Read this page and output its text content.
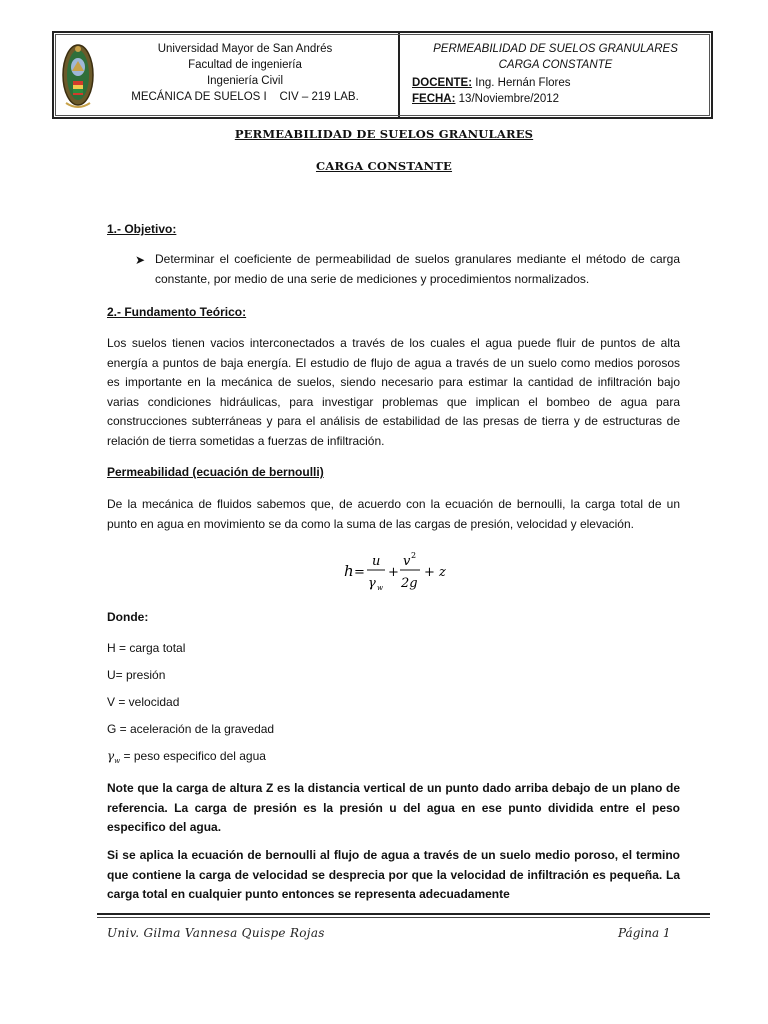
Universidad Mayor de San Andrés
Facultad de ingeniería
Ingeniería Civil
MECÁNICA DE SUELOS I    CIV – 219 LAB.
PERMEABILIDAD DE SUELOS GRANULARES
CARGA CONSTANTE
DOCENTE: Ing. Hernán Flores
FECHA: 13/Noviembre/2012
PERMEABILIDAD DE SUELOS GRANULARES
CARGA CONSTANTE
1.- Objetivo:
➤ Determinar el coeficiente de permeabilidad de suelos granulares mediante el método de carga constante, por medio de una serie de mediciones y procedimientos normalizados.
2.- Fundamento Teórico:
Los suelos tienen vacios interconectados a través de los cuales el agua puede fluir de puntos de alta energía a puntos de baja energía. El estudio de flujo de agua a través de un suelo como medios porosos es importante en la mecánica de suelos, siendo necesario para estimar la cantidad de infiltración bajo varias condiciones hidráulicas, para investigar problemas que implican el bombeo de agua para construcciones subterráneas y para el análisis de estabilidad de las presas de tierra y de estructuras de relación de tierra sometidas a fuerzas de infiltración.
Permeabilidad (ecuación de bernoulli)
De la mecánica de fluidos sabemos que, de acuerdo con la ecuación de bernoulli, la carga total de un punto en agua en movimiento se da como la suma de las cargas de presión, velocidad y elevación.
h =
u
γ w
+
v 2
2g
+ z
Donde:
H = carga total
U= presión
V = velocidad
G = aceleración de la gravedad
$\gamma_w$ = peso especifico del agua
Note que la carga de altura Z es la distancia vertical de un punto dado arriba debajo de un plano de referencia. La carga de presión es la presión u del agua en ese punto dividida entre el peso especifico del agua.
Si se aplica la ecuación de bernoulli al flujo de agua a través de un suelo medio poroso, el termino que contiene la carga de velocidad se desprecia por que la velocidad de infiltración es pequeña. La carga total en cualquier punto entonces se representa adecuadamente
Univ. Gilma Vannesa Quispe Rojas	Página 1
